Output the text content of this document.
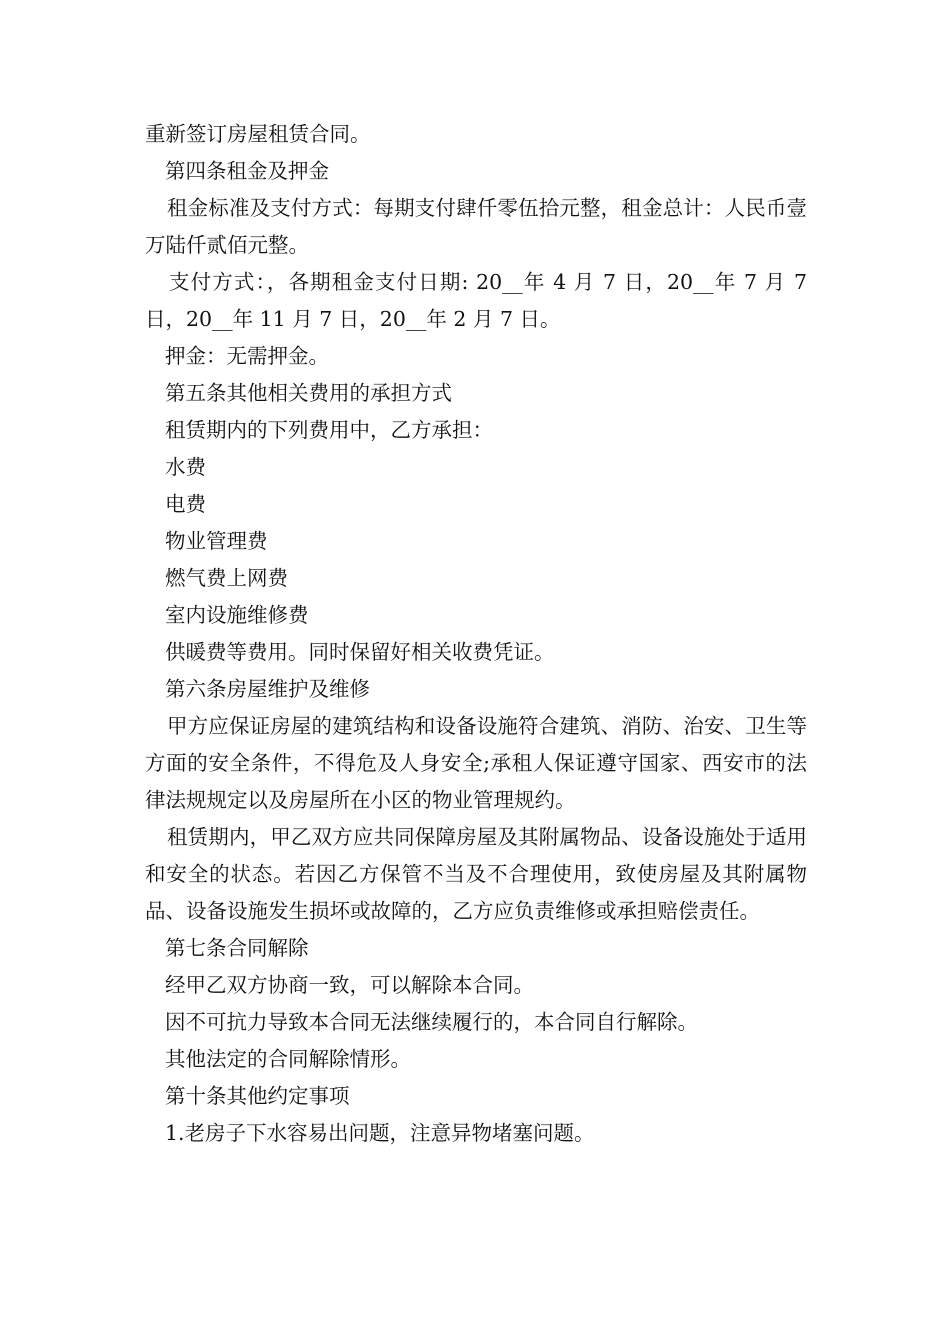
重新签订房屋租赁合同。

第四条租金及押金

租金标准及支付方式：每期支付肆仟零伍拾元整，租金总计：人民币壹万陆仟贰佰元整。

支付方式：，各期租金支付日期: 20__年 4 月 7 日，20__年 7 月 7 日，20__年 11 月 7 日，20__年 2 月 7 日。

押金：无需押金。

第五条其他相关费用的承担方式

租赁期内的下列费用中，乙方承担：

水费

电费

物业管理费

燃气费上网费

室内设施维修费

供暖费等费用。同时保留好相关收费凭证。

第六条房屋维护及维修

甲方应保证房屋的建筑结构和设备设施符合建筑、消防、治安、卫生等方面的安全条件，不得危及人身安全;承租人保证遵守国家、西安市的法律法规规定以及房屋所在小区的物业管理规约。

租赁期内，甲乙双方应共同保障房屋及其附属物品、设备设施处于适用和安全的状态。若因乙方保管不当及不合理使用，致使房屋及其附属物品、设备设施发生损坏或故障的，乙方应负责维修或承担赔偿责任。

第七条合同解除

经甲乙双方协商一致，可以解除本合同。

因不可抗力导致本合同无法继续履行的，本合同自行解除。

其他法定的合同解除情形。

第十条其他约定事项

1.老房子下水容易出问题，注意异物堵塞问题。
